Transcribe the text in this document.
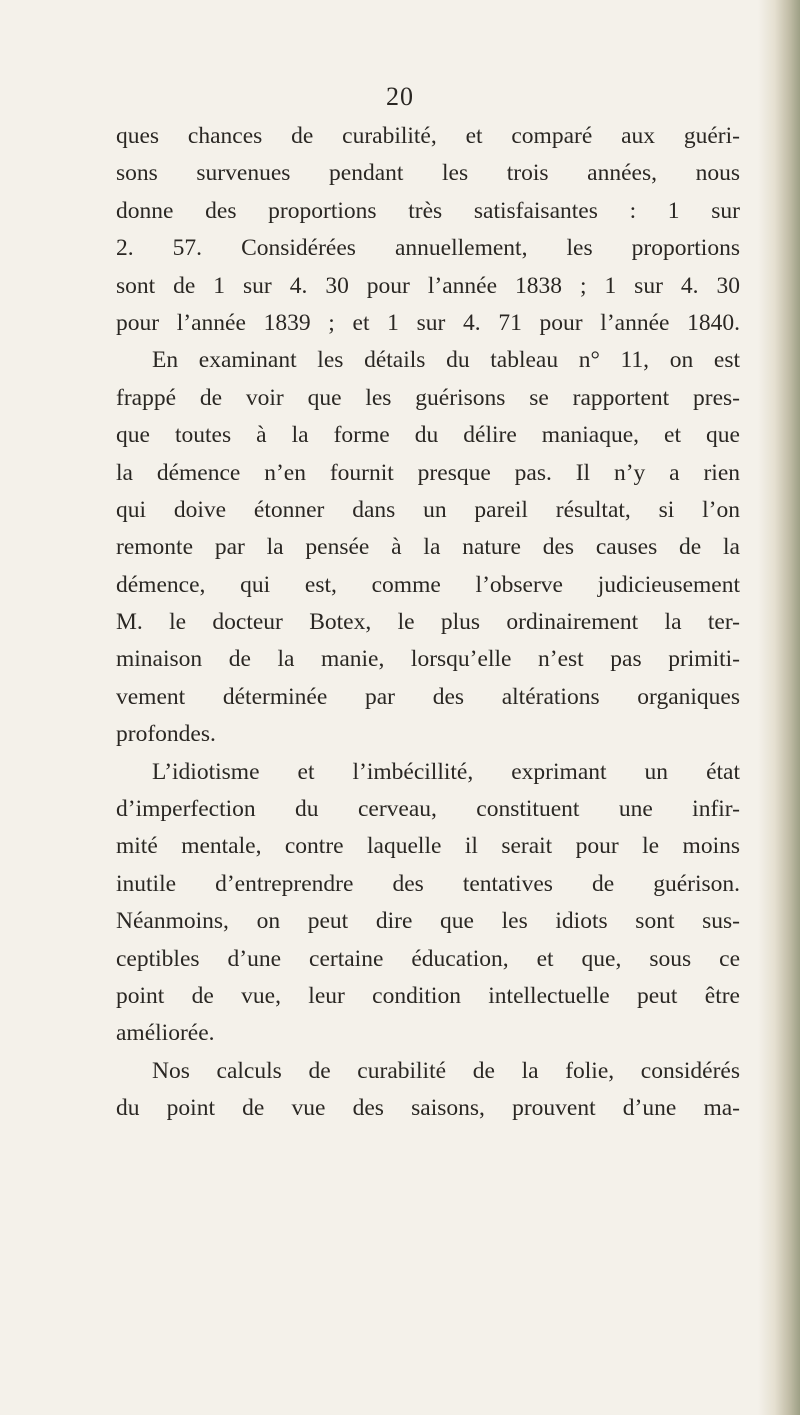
20
ques chances de curabilité, et comparé aux guéri-
sons survenues pendant les trois années, nous
donne des proportions très satisfaisantes : 1 sur
2. 57. Considérées annuellement, les proportions
sont de 1 sur 4. 30 pour l’année 1838 ; 1 sur 4. 30
pour l’année 1839 ; et 1 sur 4. 71 pour l’année 1840.
En examinant les détails du tableau n° 11, on est
frappé de voir que les guérisons se rapportent pres-
que toutes à la forme du délire maniaque, et que
la démence n’en fournit presque pas. Il n’y a rien
qui doive étonner dans un pareil résultat, si l’on
remonte par la pensée à la nature des causes de la
démence, qui est, comme l’observe judicieusement
M. le docteur Botex, le plus ordinairement la ter-
minaison de la manie, lorsqu’elle n’est pas primiti-
vement déterminée par des altérations organiques
profondes.
L’idiotisme et l’imbécillité, exprimant un état
d’imperfection du cerveau, constituent une infir-
mité mentale, contre laquelle il serait pour le moins
inutile d’entreprendre des tentatives de guérison.
Néanmoins, on peut dire que les idiots sont sus-
ceptibles d’une certaine éducation, et que, sous ce
point de vue, leur condition intellectuelle peut être
améliorée.
Nos calculs de curabilité de la folie, considérés
du point de vue des saisons, prouvent d’une ma-
